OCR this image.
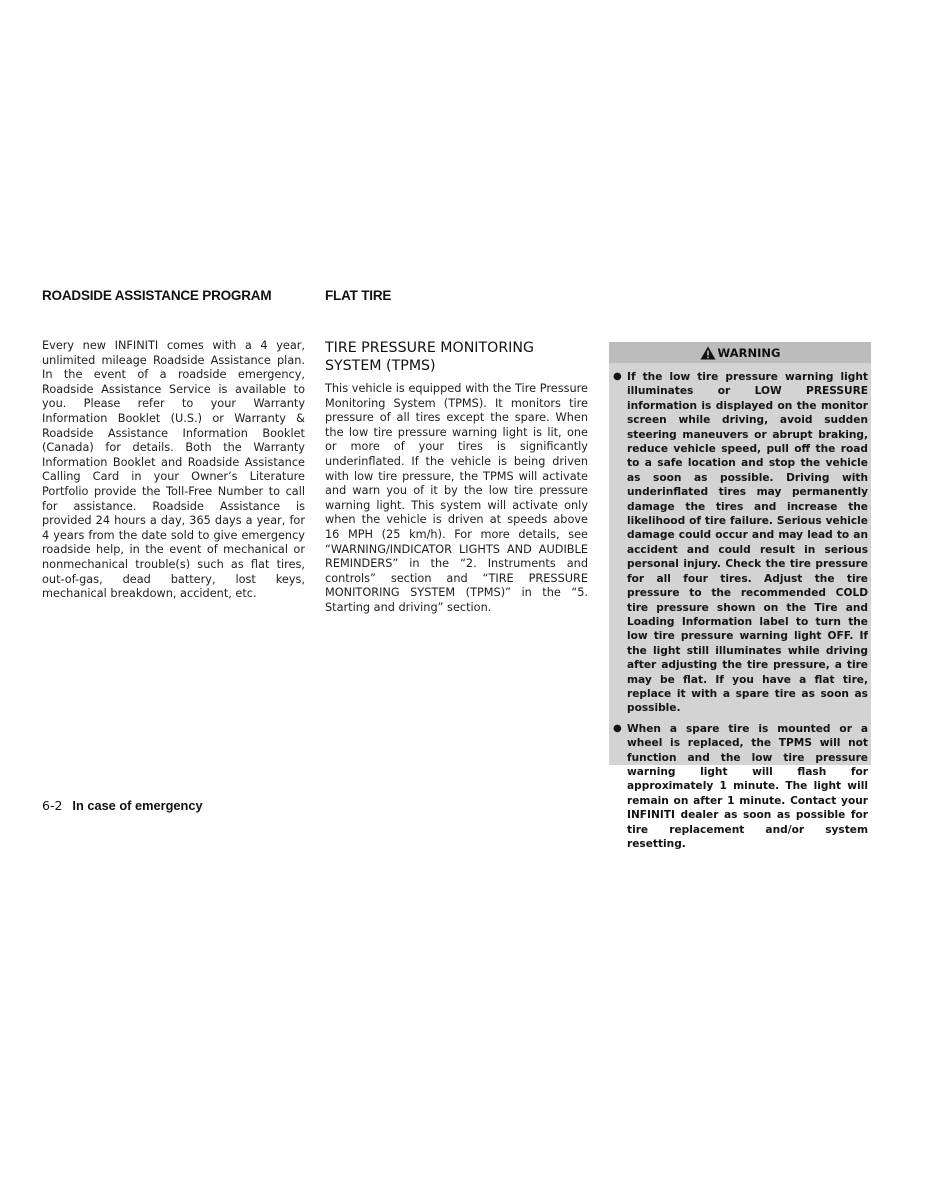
ROADSIDE ASSISTANCE PROGRAM

Every new INFINITI comes with a 4 year, unlimited mileage Roadside Assistance plan. In the event of a roadside emergency, Roadside Assistance Service is available to you. Please refer to your Warranty Information Booklet (U.S.) or Warranty & Roadside Assistance Information Booklet (Canada) for details. Both the Warranty Information Booklet and Roadside Assistance Calling Card in your Owner’s Literature Portfolio provide the Toll-Free Number to call for assistance. Roadside Assistance is provided 24 hours a day, 365 days a year, for 4 years from the date sold to give emergency roadside help, in the event of mechanical or nonmechanical trouble(s) such as flat tires, out-of-gas, dead battery, lost keys, mechanical breakdown, accident, etc.

FLAT TIRE
TIRE PRESSURE MONITORING SYSTEM (TPMS)

This vehicle is equipped with the Tire Pressure Monitoring System (TPMS). It monitors tire pressure of all tires except the spare. When the low tire pressure warning light is lit, one or more of your tires is significantly underinflated. If the vehicle is being driven with low tire pressure, the TPMS will activate and warn you of it by the low tire pressure warning light. This system will activate only when the vehicle is driven at speeds above 16 MPH (25 km/h). For more details, see “WARNING/INDICATOR LIGHTS AND AUDIBLE REMINDERS” in the “2. Instruments and controls” section and “TIRE PRESSURE MONITORING SYSTEM (TPMS)” in the “5. Starting and driving” section.

WARNING
● If the low tire pressure warning light illuminates or LOW PRESSURE information is displayed on the monitor screen while driving, avoid sudden steering maneuvers or abrupt braking, reduce vehicle speed, pull off the road to a safe location and stop the vehicle as soon as possible. Driving with underinflated tires may permanently damage the tires and increase the likelihood of tire failure. Serious vehicle damage could occur and may lead to an accident and could result in serious personal injury. Check the tire pressure for all four tires. Adjust the tire pressure to the recommended COLD tire pressure shown on the Tire and Loading Information label to turn the low tire pressure warning light OFF. If the light still illuminates while driving after adjusting the tire pressure, a tire may be flat. If you have a flat tire, replace it with a spare tire as soon as possible.
● When a spare tire is mounted or a wheel is replaced, the TPMS will not function and the low tire pressure warning light will flash for approximately 1 minute. The light will remain on after 1 minute. Contact your INFINITI dealer as soon as possible for tire replacement and/or system resetting.
6-2 In case of emergency
